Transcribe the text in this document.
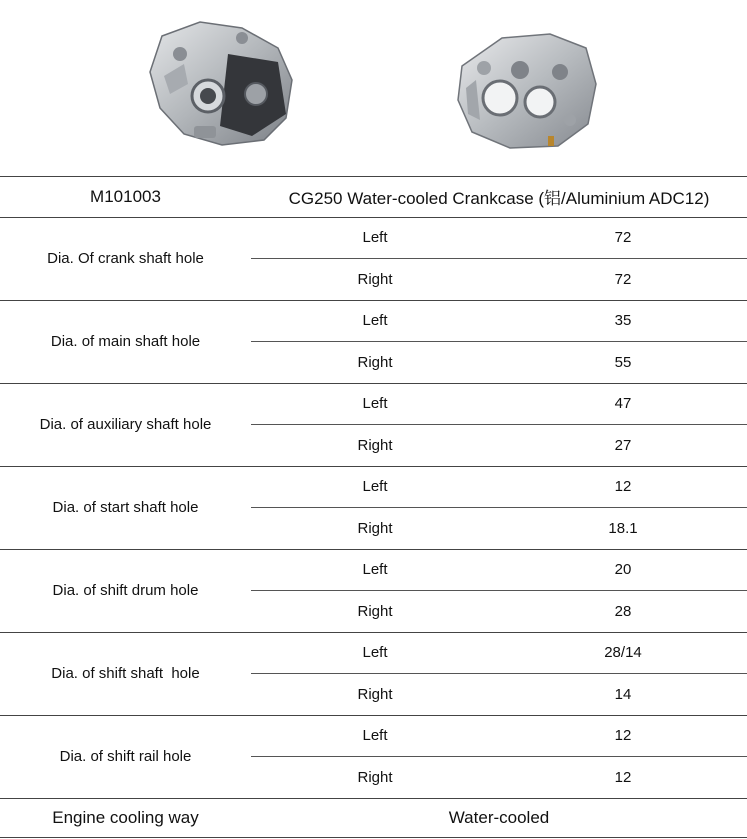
M101003	CG250 Water-cooled Crankcase (铝/Aluminium ADC12)
Dia. Of crank shaft hole
Left	72
Right	72
Dia. of main shaft hole
Left	35
Right	55
Dia. of auxiliary shaft hole
Left	47
Right	27
Dia. of start shaft hole
Left	12
Right	18.1
Dia. of shift drum hole
Left	20
Right	28
Dia. of shift shaft  hole
Left	28/14
Right	14
Dia. of shift rail hole
Left	12
Right	12
Engine cooling way	Water-cooled
